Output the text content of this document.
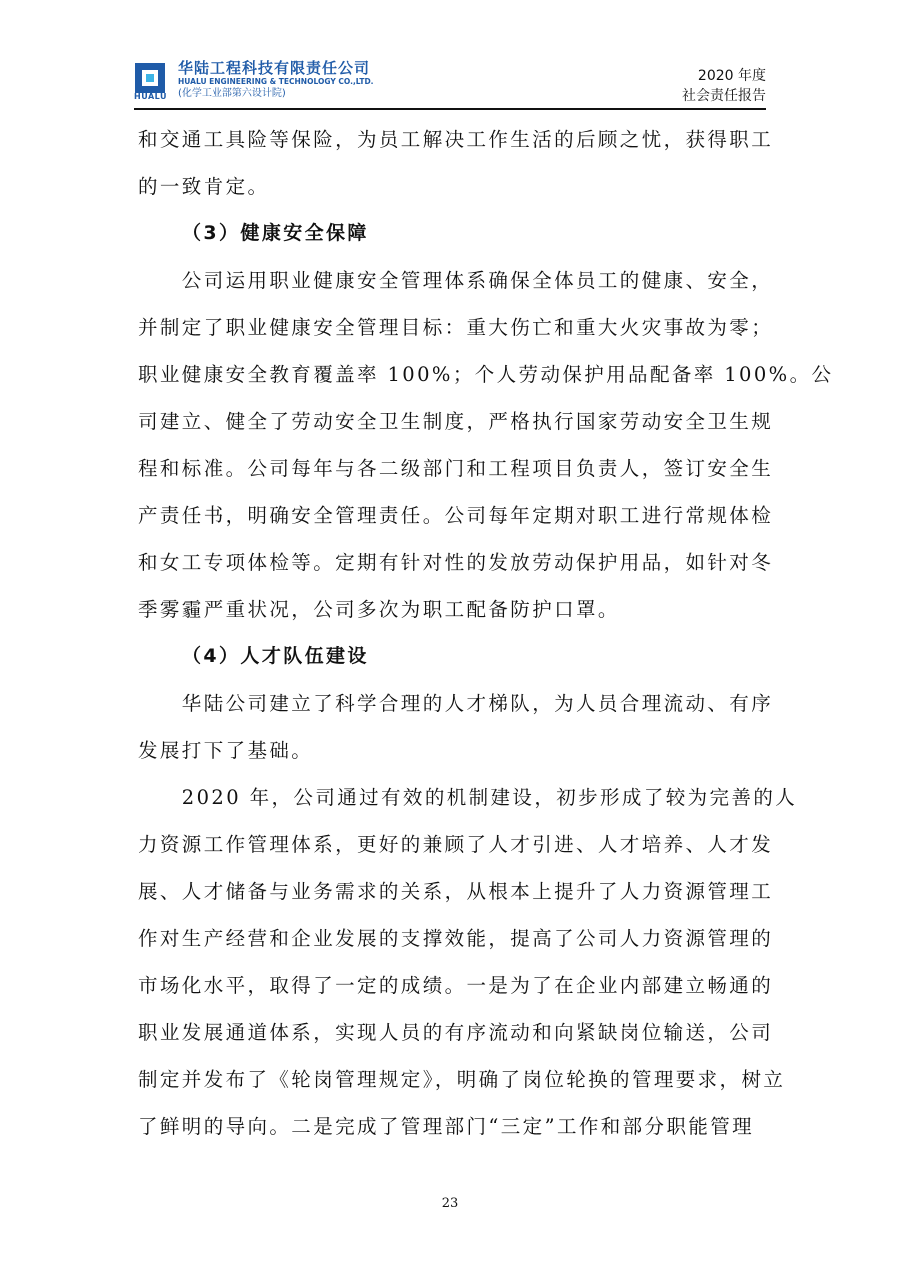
HUALU
华陆工程科技有限责任公司
HUALU ENGINEERING & TECHNOLOGY CO.,LTD.
(化学工业部第六设计院)
2020 年度
社会责任报告
和交通工具险等保险，为员工解决工作生活的后顾之忧，获得职工
的一致肯定。
（3）健康安全保障
　　公司运用职业健康安全管理体系确保全体员工的健康、安全，
并制定了职业健康安全管理目标：重大伤亡和重大火灾事故为零；
职业健康安全教育覆盖率 100%；个人劳动保护用品配备率 100%。公
司建立、健全了劳动安全卫生制度，严格执行国家劳动安全卫生规
程和标准。公司每年与各二级部门和工程项目负责人，签订安全生
产责任书，明确安全管理责任。公司每年定期对职工进行常规体检
和女工专项体检等。定期有针对性的发放劳动保护用品，如针对冬
季雾霾严重状况，公司多次为职工配备防护口罩。
（4）人才队伍建设
　　华陆公司建立了科学合理的人才梯队，为人员合理流动、有序
发展打下了基础。
　　2020 年，公司通过有效的机制建设，初步形成了较为完善的人
力资源工作管理体系，更好的兼顾了人才引进、人才培养、人才发
展、人才储备与业务需求的关系，从根本上提升了人力资源管理工
作对生产经营和企业发展的支撑效能，提高了公司人力资源管理的
市场化水平，取得了一定的成绩。一是为了在企业内部建立畅通的
职业发展通道体系，实现人员的有序流动和向紧缺岗位输送，公司
制定并发布了《轮岗管理规定》，明确了岗位轮换的管理要求，树立
了鲜明的导向。二是完成了管理部门“三定”工作和部分职能管理
23
